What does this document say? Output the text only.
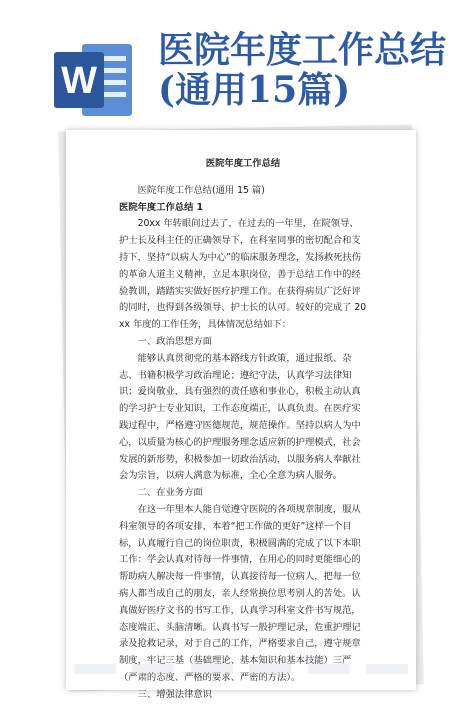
W
医院年度工作总结
(通用15篇)
医院年度工作总结
医院年度工作总结(通用 15 篇)
医院年度工作总结 1

20xx 年转眼间过去了，在过去的一年里，在院领导、护士长及科主任的正确领导下，在科室同事的密切配合和支持下，坚持“以病人为中心”的临床服务理念，发扬救死扶伤的革命人道主义精神，立足本职岗位，善于总结工作中的经验教训，踏踏实实做好医疗护理工作。在获得病员广泛好评的同时，也得到各级领导、护士长的认可。较好的完成了 20xx 年度的工作任务，具体情况总结如下：

一、政治思想方面

能够认真贯彻党的基本路线方针政策，通过报纸、杂志、书籍积极学习政治理论；遵纪守法，认真学习法律知识；爱岗敬业，具有强烈的责任感和事业心，积极主动认真的学习护士专业知识，工作态度端正，认真负责。在医疗实践过程中，严格遵守医德规范，规范操作。坚持以病人为中心，以质量为核心的护理服务理念适应新的护理模式，社会发展的新形势，积极参加一切政治活动，以服务病人奉献社会为宗旨，以病人满意为标准，全心全意为病人服务。

二、在业务方面

在这一年里本人能自觉遵守医院的各项规章制度，服从科室领导的各项安排，本着“把工作做的更好”这样一个目标，认真履行自己的岗位职责，积极圆满的完成了以下本职工作：学会认真对待每一件事情，在用心的同时更能细心的帮助病人解决每一件事情，认真接待每一位病人，把每一位病人都当成自己的朋友，亲人经常换位思考别人的苦处。认真做好医疗文书的书写工作，认真学习科室文件书写规范，态度端正、头脑清晰。认真书写一般护理记录，危重护理记录及抢救记录，对于自己的工作，严格要求自己，遵守规章制度，牢记三基（基础理论、基本知识和基本技能）三严（严肃的态度、严格的要求、严密的方法）。

三、增强法律意识
